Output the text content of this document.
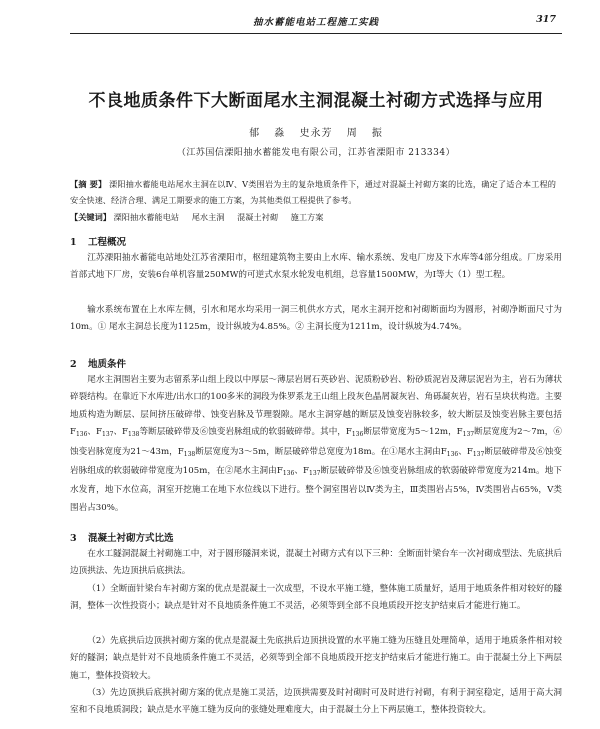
抽水蓄能电站工程施工实践	317
不良地质条件下大断面尾水主洞混凝土衬砌方式选择与应用
郁 淼 史永芳 周 振
（江苏国信溧阳抽水蓄能发电有限公司，江苏省溧阳市 213334）
【摘 要】 溧阳抽水蓄能电站尾水主洞在以Ⅳ、Ⅴ类围岩为主的复杂地质条件下，通过对混凝土衬砌方案的比选，确定了适合本工程的安全快速、经济合理、满足工期要求的施工方案，为其他类似工程提供了参考。
【关键词】 溧阳抽水蓄能电站 尾水主洞 混凝土衬砌 施工方案
1 工程概况

江苏溧阳抽水蓄能电站地处江苏省溧阳市，枢纽建筑物主要由上水库、输水系统、发电厂房及下水库等4部分组成。厂房采用首部式地下厂房，安装6台单机容量250MW的可逆式水泵水轮发电机组，总容量1500MW，为Ⅰ等大（1）型工程。

输水系统布置在上水库左侧，引水和尾水均采用一洞三机供水方式，尾水主洞开挖和衬砌断面均为圆形，衬砌净断面尺寸为10m。① 尾水主洞总长度为1125m，设计纵坡为4.85%。② 主洞长度为1211m，设计纵坡为4.74%。

2 地质条件

尾水主洞围岩主要为志留系茅山组上段以中厚层～薄层岩屑石英砂岩、泥质粉砂岩、粉砂质泥岩及薄层泥岩为主，岩石为薄状碎裂结构。在靠近下水库进/出水口的100多米的洞段为侏罗系龙王山组上段灰色晶屑凝灰岩、角砾凝灰岩，岩石呈块状构造。主要地质构造为断层、层间挤压破碎带、蚀变岩脉及节理裂隙。尾水主洞穿越的断层及蚀变岩脉较多，较大断层及蚀变岩脉主要包括$F_{136}$、$F_{137}$、$F_{138}$等断层破碎带及⑥蚀变岩脉组成的软弱破碎带。其中，$F_{136}$断层带宽度为5～12m，$F_{137}$断层宽度为2～7m，⑥蚀变岩脉宽度为21～43m，$F_{138}$断层宽度为3～5m，断层破碎带总宽度为18m。在①尾水主洞由$F_{136}$、$F_{137}$断层破碎带及⑥蚀变岩脉组成的软弱破碎带宽度为105m，在②尾水主洞由$F_{136}$、$F_{137}$断层破碎带及⑥蚀变岩脉组成的软弱破碎带宽度为214m。地下水发育，地下水位高，洞室开挖施工在地下水位线以下进行。整个洞室围岩以Ⅳ类为主，Ⅲ类围岩占5%，Ⅳ类围岩占65%，Ⅴ类围岩占30%。

3 混凝土衬砌方式比选

在水工隧洞混凝土衬砌施工中，对于圆形隧洞来说，混凝土衬砌方式有以下三种：全断面针梁台车一次衬砌成型法、先底拱后边顶拱法、先边顶拱后底拱法。

（1）全断面针梁台车衬砌方案的优点是混凝土一次成型，不设水平施工缝，整体施工质量好，适用于地质条件相对较好的隧洞，整体一次性投资小；缺点是针对不良地质条件施工不灵活，必须等到全部不良地质段开挖支护结束后才能进行施工。

（2）先底拱后边顶拱衬砌方案的优点是混凝土先底拱后边顶拱设置的水平施工缝为压缝且处理简单，适用于地质条件相对较好的隧洞；缺点是针对不良地质条件施工不灵活，必须等到全部不良地质段开挖支护结束后才能进行施工。由于混凝土分上下两层施工，整体投资较大。

（3）先边顶拱后底拱衬砌方案的优点是施工灵活，边顶拱需要及时衬砌时可及时进行衬砌，有利于洞室稳定，适用于高大洞室和不良地质洞段；缺点是水平施工缝为反向的张缝处理难度大，由于混凝土分上下两层施工，整体投资较大。
